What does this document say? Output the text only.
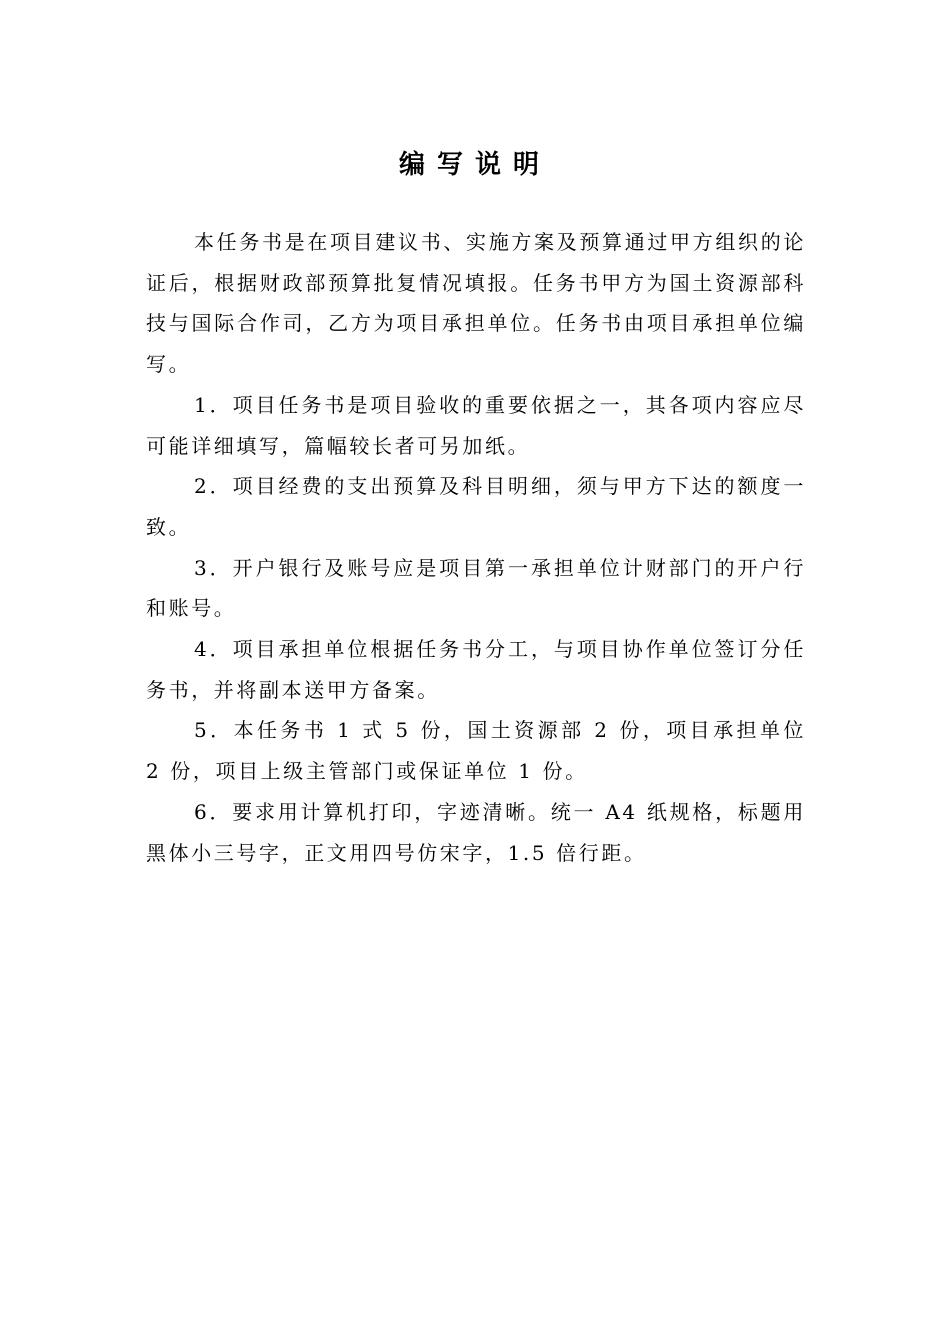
编写说明

本任务书是在项目建议书、实施方案及预算通过甲方组织的论证后，根据财政部预算批复情况填报。任务书甲方为国土资源部科技与国际合作司，乙方为项目承担单位。任务书由项目承担单位编写。

1．项目任务书是项目验收的重要依据之一，其各项内容应尽可能详细填写，篇幅较长者可另加纸。

2．项目经费的支出预算及科目明细，须与甲方下达的额度一致。

3．开户银行及账号应是项目第一承担单位计财部门的开户行和账号。

4．项目承担单位根据任务书分工，与项目协作单位签订分任务书，并将副本送甲方备案。

5．本任务书 1 式 5 份，国土资源部 2 份，项目承担单位 2 份，项目上级主管部门或保证单位 1 份。

6．要求用计算机打印，字迹清晰。统一 A4 纸规格，标题用黑体小三号字，正文用四号仿宋字，1.5 倍行距。
